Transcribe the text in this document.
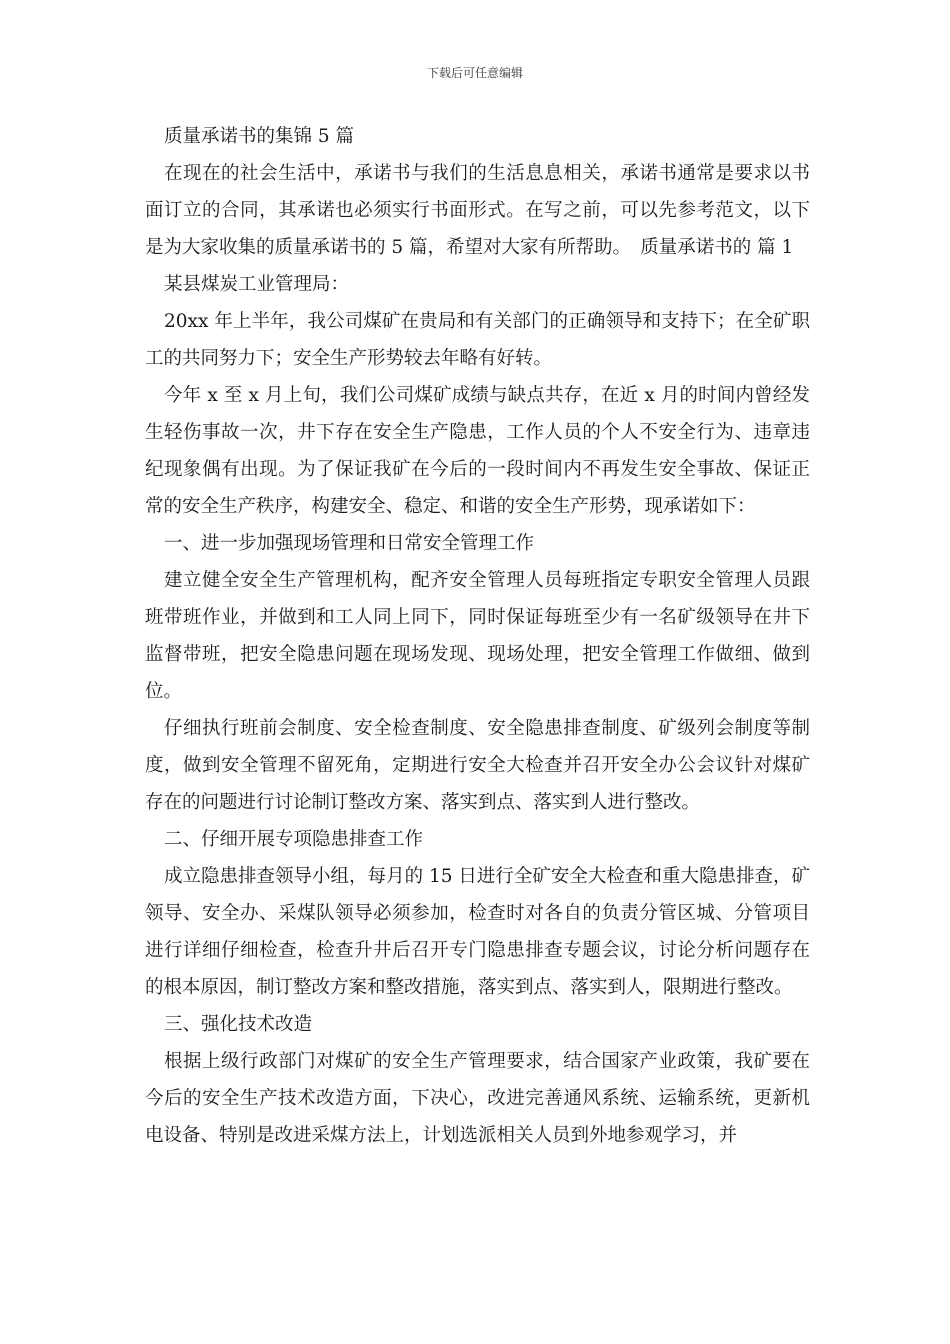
下载后可任意编辑

质量承诺书的集锦 5 篇

在现在的社会生活中，承诺书与我们的生活息息相关，承诺书通常是要求以书面订立的合同，其承诺也必须实行书面形式。在写之前，可以先参考范文，以下是为大家收集的质量承诺书的 5 篇，希望对大家有所帮助。　质量承诺书的 篇 1

某县煤炭工业管理局：

20xx 年上半年，我公司煤矿在贵局和有关部门的正确领导和支持下；在全矿职工的共同努力下；安全生产形势较去年略有好转。

今年 x 至 x 月上旬，我们公司煤矿成绩与缺点共存，在近 x 月的时间内曾经发生轻伤事故一次，井下存在安全生产隐患，工作人员的个人不安全行为、违章违纪现象偶有出现。为了保证我矿在今后的一段时间内不再发生安全事故、保证正常的安全生产秩序，构建安全、稳定、和谐的安全生产形势，现承诺如下：

一、进一步加强现场管理和日常安全管理工作

建立健全安全生产管理机构，配齐安全管理人员每班指定专职安全管理人员跟班带班作业，并做到和工人同上同下，同时保证每班至少有一名矿级领导在井下监督带班，把安全隐患问题在现场发现、现场处理，把安全管理工作做细、做到位。

仔细执行班前会制度、安全检查制度、安全隐患排查制度、矿级列会制度等制度，做到安全管理不留死角，定期进行安全大检查并召开安全办公会议针对煤矿存在的问题进行讨论制订整改方案、落实到点、落实到人进行整改。

二、仔细开展专项隐患排查工作

成立隐患排查领导小组，每月的 15 日进行全矿安全大检查和重大隐患排查，矿领导、安全办、采煤队领导必须参加，检查时对各自的负责分管区城、分管项目进行详细仔细检查，检查升井后召开专门隐患排查专题会议，讨论分析问题存在的根本原因，制订整改方案和整改措施，落实到点、落实到人，限期进行整改。

三、强化技术改造

根据上级行政部门对煤矿的安全生产管理要求，结合国家产业政策，我矿要在今后的安全生产技术改造方面，下决心，改进完善通风系统、运输系统，更新机电设备、特别是改进采煤方法上，计划选派相关人员到外地参观学习，并
